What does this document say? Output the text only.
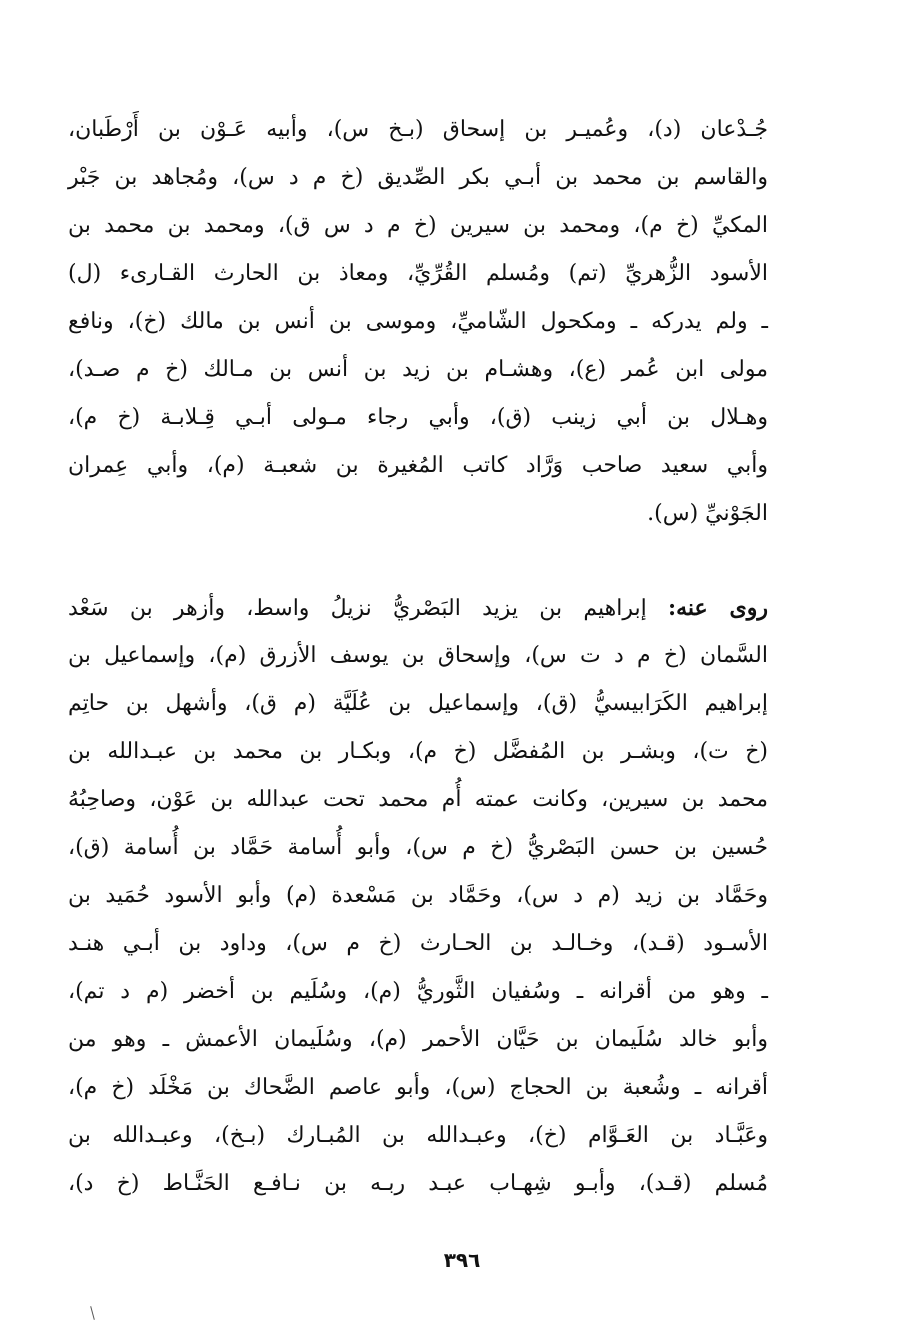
جُـدْعان (د)، وعُميـر بن إسحاق (بـخ س)، وأبيه عَـوْن بن أَرْطَبان،
والقاسم بن محمد بن أبـي بكر الصِّديق (خ م د س)، ومُجاهد بن جَبْر
المكيِّ (خ م)، ومحمد بن سيرين (خ م د س ق)، ومحمد بن محمد بن
الأسود الزُّهريِّ (تم) ومُسلم القُرِّيِّ، ومعاذ بن الحارث القـارىء (ل)
ـ ولم يدركه ـ ومكحول الشّاميِّ، وموسى بن أنس بن مالك (خ)، ونافع
مولى ابن عُمر (ع)، وهشـام بن زيد بن أنس بن مـالك (خ م صـد)،
وهـلال بن أبي زينب (ق)، وأبي رجاء مـولى أبـي قِـلابـة (خ م)،
وأبي سعيد صاحب وَرَّاد كاتب المُغيرة بن شعبـة (م)، وأبي عِمران
الجَوْنيِّ (س).
روى عنه: إبراهيم بن يزيد البَصْريُّ نزيلُ واسط، وأزهر بن سَعْد
السَّمان (خ م د ت س)، وإسحاق بن يوسف الأزرق (م)، وإسماعيل بن
إبراهيم الكَرَابيسيُّ (ق)، وإسماعيل بن عُلَيَّة (م ق)، وأشهل بن حاتِم
(خ ت)، وبشـر بن المُفضَّل (خ م)، وبكـار بن محمد بن عبـدالله بن
محمد بن سيرين، وكانت عمته أُم محمد تحت عبدالله بن عَوْن، وصاحِبُهُ
حُسين بن حسن البَصْريُّ (خ م س)، وأبو أُسامة حَمَّاد بن أُسامة (ق)،
وحَمَّاد بن زيد (م د س)، وحَمَّاد بن مَسْعدة (م) وأبو الأسود حُمَيد بن
الأسـود (قـد)، وخـالـد بن الحـارث (خ م س)، وداود بن أبـي هنـد
ـ وهو من أقرانه ـ وسُفيان الثَّوريُّ (م)، وسُلَيم بن أخضر (م د تم)،
وأبو خالد سُلَيمان بن حَيَّان الأحمر (م)، وسُلَيمان الأعمش ـ وهو من
أقرانه ـ وشُعبة بن الحجاج (س)، وأبو عاصم الضَّحاك بن مَخْلَد (خ م)،
وعَبَّـاد بن العَـوَّام (خ)، وعبـدالله بن المُبـارك (بـخ)، وعبـدالله بن
مُسلم (قـد)، وأبـو شِهـاب عبـد ربـه بن نـافـع الحَنَّـاط (خ د)،
٣٩٦
